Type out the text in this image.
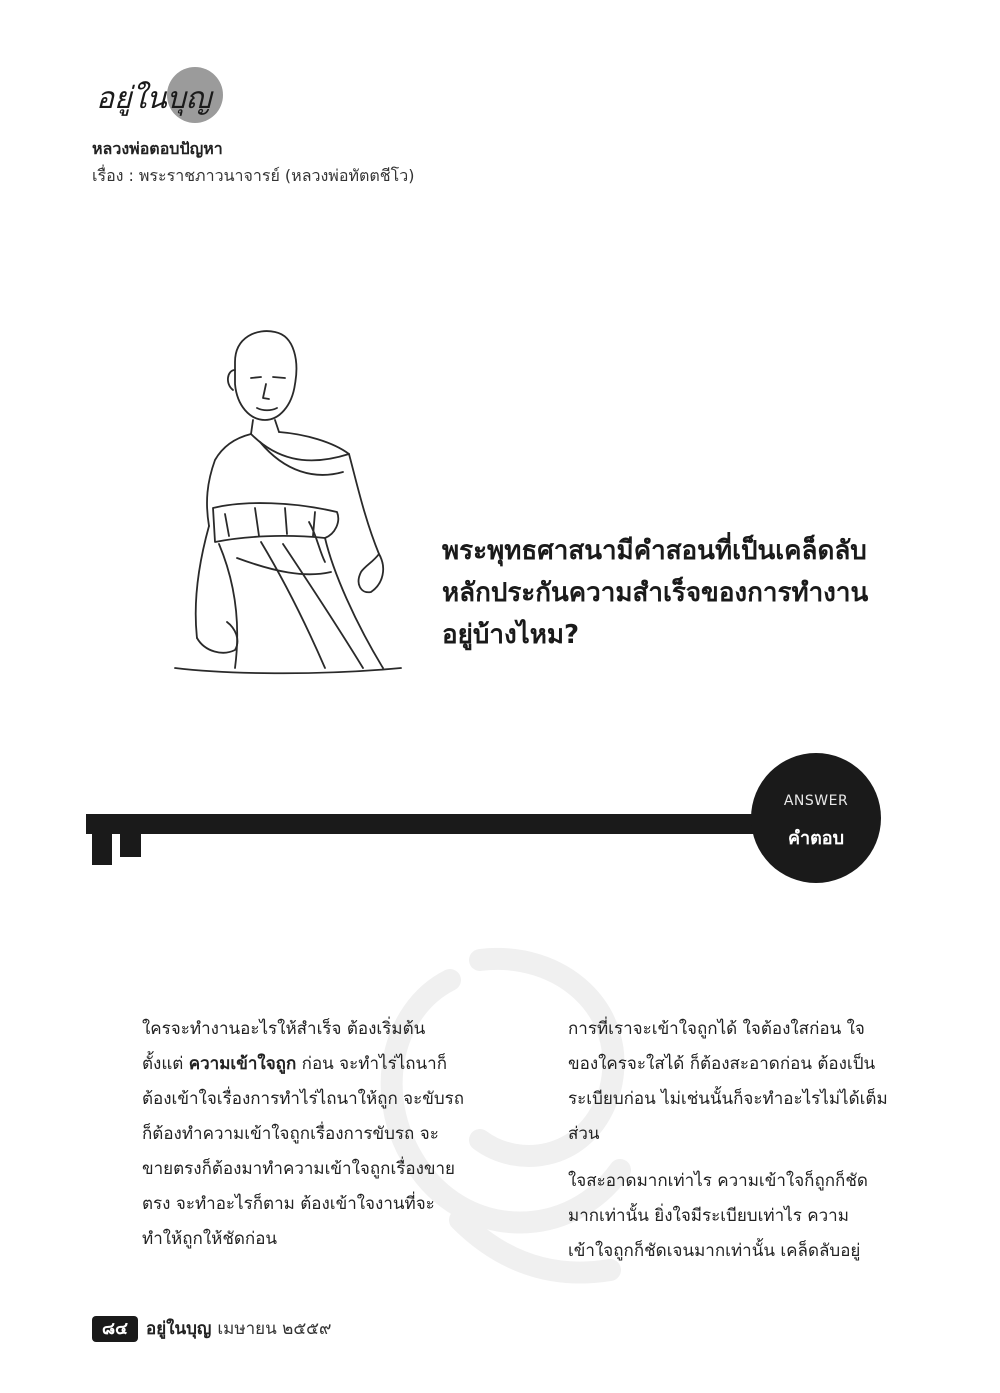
อยู่ในบุญ
หลวงพ่อตอบปัญหา
เรื่อง : พระราชภาวนาจารย์ (หลวงพ่อทัตตชีโว)
พระพุทธศาสนามีคำสอนที่เป็นเคล็ดลับ
หลักประกันความสำเร็จของการทำงาน
อยู่บ้างไหม?
ANSWER
คำตอบ

ใครจะทำงานอะไรให้สำเร็จ ต้องเริ่มต้นตั้งแต่ ความเข้าใจถูก ก่อน จะทำไร่ไถนาก็ต้องเข้าใจเรื่องการทำไร่ไถนาให้ถูก จะขับรถก็ต้องทำความเข้าใจถูกเรื่องการขับรถ จะขายตรงก็ต้องมาทำความเข้าใจถูกเรื่องขายตรง จะทำอะไรก็ตาม ต้องเข้าใจงานที่จะทำให้ถูกให้ชัดก่อน

การที่เราจะเข้าใจถูกได้ ใจต้องใสก่อน ใจของใครจะใสได้ ก็ต้องสะอาดก่อน ต้องเป็นระเบียบก่อน ไม่เช่นนั้นก็จะทำอะไรไม่ได้เต็มส่วน

ใจสะอาดมากเท่าไร ความเข้าใจก็ถูกก็ชัดมากเท่านั้น ยิ่งใจมีระเบียบเท่าไร ความเข้าใจถูกก็ชัดเจนมากเท่านั้น เคล็ดลับอยู่

๘๔ อยู่ในบุญ เมษายน ๒๕๕๙
